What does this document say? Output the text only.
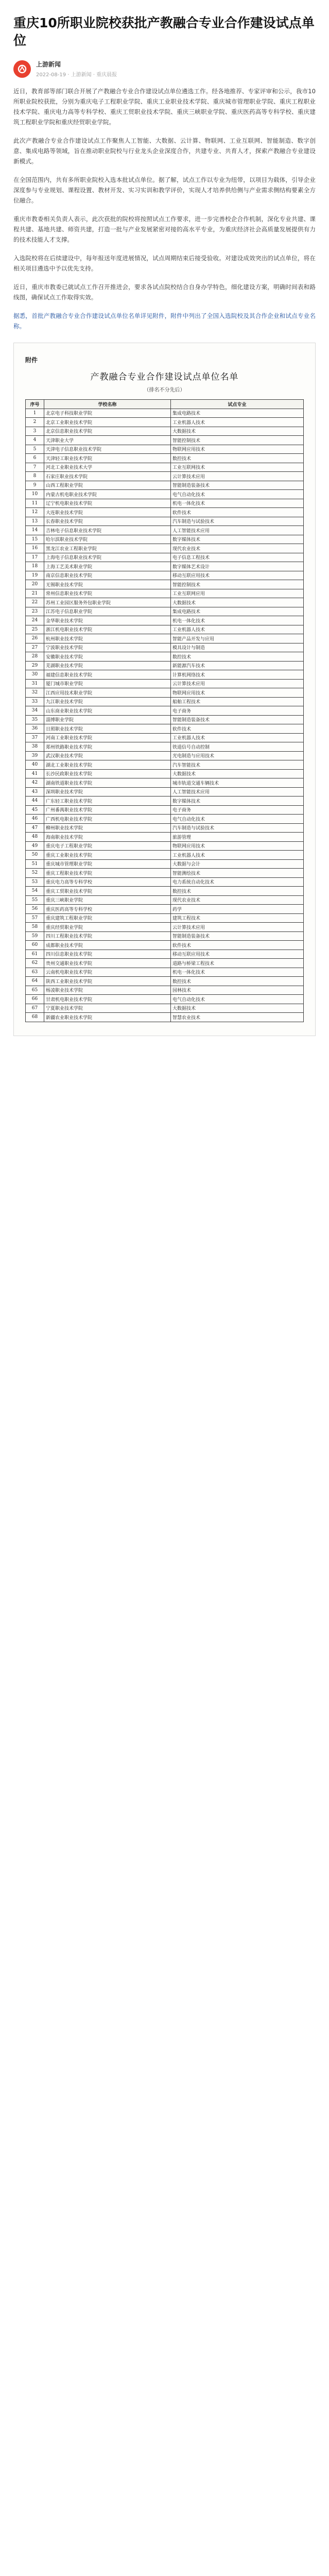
重庆10所职业院校获批产教融合专业合作建设试点单位
上游新闻
2022-08-19 · 上游新闻 · 重庆晨报

近日，教育部等部门联合开展了产教融合专业合作建设试点单位遴选工作。经各地推荐、专家评审和公示，我市10所职业院校获批，分别为重庆电子工程职业学院、重庆工业职业技术学院、重庆城市管理职业学院、重庆工程职业技术学院、重庆电力高等专科学校、重庆工贸职业技术学院、重庆三峡职业学院、重庆医药高等专科学校、重庆建筑工程职业学院和重庆经贸职业学院。

此次产教融合专业合作建设试点工作聚焦人工智能、大数据、云计算、物联网、工业互联网、智能制造、数字创意、集成电路等领域，旨在推动职业院校与行业龙头企业深度合作，共建专业、共育人才，探索产教融合专业建设新模式。

在全国范围内，共有多所职业院校入选本批试点单位。据了解，试点工作以专业为纽带，以项目为载体，引导企业深度参与专业规划、课程设置、教材开发、实习实训和教学评价，实现人才培养供给侧与产业需求侧结构要素全方位融合。

重庆市教委相关负责人表示，此次获批的院校将按照试点工作要求，进一步完善校企合作机制，深化专业共建、课程共建、基地共建、师资共建，打造一批与产业发展紧密对接的高水平专业，为重庆经济社会高质量发展提供有力的技术技能人才支撑。

入选院校将在后续建设中，每年报送年度进展情况，试点周期结束后接受验收。对建设成效突出的试点单位，将在相关项目遴选中予以优先支持。

近日，重庆市教委已就试点工作召开推进会，要求各试点院校结合自身办学特色，细化建设方案，明确时间表和路线图，确保试点工作取得实效。

据悉，首批产教融合专业合作建设试点单位名单详见附件，附件中列出了全国入选院校及其合作企业和试点专业名称。

附件
产教融合专业合作建设试点单位名单
（排名不分先后）
序号	学校名称	试点专业
1	北京电子科技职业学院	集成电路技术
2	北京工业职业技术学院	工业机器人技术
3	北京信息职业技术学院	大数据技术
4	天津职业大学	智能控制技术
5	天津电子信息职业技术学院	物联网应用技术
6	天津轻工职业技术学院	数控技术
7	河北工业职业技术大学	工业互联网技术
8	石家庄职业技术学院	云计算技术应用
9	山西工程职业学院	智能制造装备技术
10	内蒙古机电职业技术学院	电气自动化技术
11	辽宁机电职业技术学院	机电一体化技术
12	大连职业技术学院	软件技术
13	长春职业技术学院	汽车制造与试验技术
14	吉林电子信息职业技术学院	人工智能技术应用
15	哈尔滨职业技术学院	数字媒体技术
16	黑龙江农业工程职业学院	现代农业技术
17	上海电子信息职业技术学院	电子信息工程技术
18	上海工艺美术职业学院	数字媒体艺术设计
19	南京信息职业技术学院	移动互联应用技术
20	无锡职业技术学院	智能控制技术
21	常州信息职业技术学院	工业互联网应用
22	苏州工业园区服务外包职业学院	大数据技术
23	江苏电子信息职业学院	集成电路技术
24	金华职业技术学院	机电一体化技术
25	浙江机电职业技术学院	工业机器人技术
26	杭州职业技术学院	智能产品开发与应用
27	宁波职业技术学院	模具设计与制造
28	安徽职业技术学院	数控技术
29	芜湖职业技术学院	新能源汽车技术
30	福建信息职业技术学院	计算机网络技术
31	厦门城市职业学院	云计算技术应用
32	江西应用技术职业学院	物联网应用技术
33	九江职业技术学院	船舶工程技术
34	山东商业职业技术学院	电子商务
35	淄博职业学院	智能制造装备技术
36	日照职业技术学院	软件技术
37	河南工业职业技术学院	工业机器人技术
38	郑州铁路职业技术学院	铁道信号自动控制
39	武汉职业技术学院	光电制造与应用技术
40	湖北工业职业技术学院	汽车智能技术
41	长沙民政职业技术学院	大数据技术
42	湖南铁道职业技术学院	城市轨道交通车辆技术
43	深圳职业技术学院	人工智能技术应用
44	广东轻工职业技术学院	数字媒体技术
45	广州番禺职业技术学院	电子商务
46	广西机电职业技术学院	电气自动化技术
47	柳州职业技术学院	汽车制造与试验技术
48	海南职业技术学院	旅游管理
49	重庆电子工程职业学院	物联网应用技术
50	重庆工业职业技术学院	工业机器人技术
51	重庆城市管理职业学院	大数据与会计
52	重庆工程职业技术学院	智能测绘技术
53	重庆电力高等专科学校	电力系统自动化技术
54	重庆工贸职业技术学院	数控技术
55	重庆三峡职业学院	现代农业技术
56	重庆医药高等专科学校	药学
57	重庆建筑工程职业学院	建筑工程技术
58	重庆经贸职业学院	云计算技术应用
59	四川工程职业技术学院	智能制造装备技术
60	成都职业技术学院	软件技术
61	四川信息职业技术学院	移动互联应用技术
62	贵州交通职业技术学院	道路与桥梁工程技术
63	云南机电职业技术学院	机电一体化技术
64	陕西工业职业技术学院	数控技术
65	杨凌职业技术学院	园林技术
66	甘肃机电职业技术学院	电气自动化技术
67	宁夏职业技术学院	大数据技术
68	新疆农业职业技术学院	智慧农业技术
